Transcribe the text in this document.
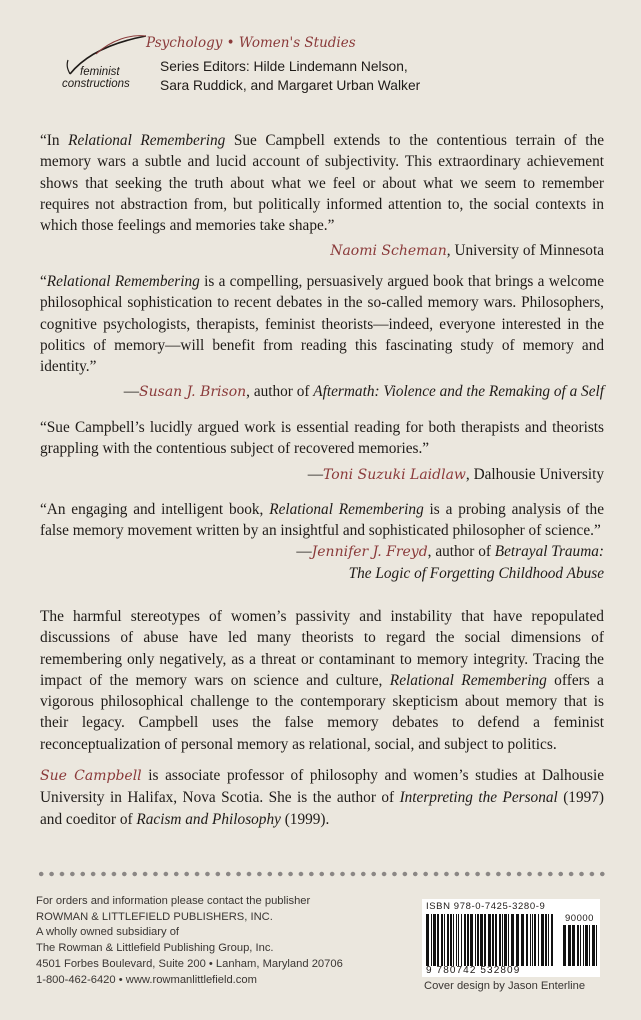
feminist
constructions
Psychology • Women's Studies
Series Editors: Hilde Lindemann Nelson,
Sara Ruddick, and Margaret Urban Walker

“In Relational Remembering Sue Campbell extends to the contentious terrain of the memory wars a subtle and lucid account of subjectivity. This extraordinary achievement shows that seeking the truth about what we feel or about what we seem to remember requires not abstraction from, but politically informed attention to, the social contexts in which those feelings and memories take shape.”

Naomi Scheman, University of Minnesota

“Relational Remembering is a compelling, persuasively argued book that brings a welcome philosophical sophistication to recent debates in the so-called memory wars. Philosophers, cognitive psychologists, therapists, feminist theorists—indeed, everyone interested in the politics of memory—will benefit from reading this fascinating study of memory and identity.”

—Susan J. Brison, author of Aftermath: Violence and the Remaking of a Self

“Sue Campbell’s lucidly argued work is essential reading for both therapists and theorists grappling with the contentious subject of recovered memories.”

—Toni Suzuki Laidlaw, Dalhousie University

“An engaging and intelligent book, Relational Remembering is a probing analysis of the false memory movement written by an insightful and sophisticated philosopher of science.”

—Jennifer J. Freyd, author of Betrayal Trauma:
The Logic of Forgetting Childhood Abuse

The harmful stereotypes of women’s passivity and instability that have repopulated discussions of abuse have led many theorists to regard the social dimensions of remembering only negatively, as a threat or contaminant to memory integrity. Tracing the impact of the memory wars on science and culture, Relational Remembering offers a vigorous philosophical challenge to the contemporary skepticism about memory that is their legacy. Campbell uses the false memory debates to defend a feminist reconceptualization of personal memory as relational, social, and subject to politics.

Sue Campbell is associate professor of philosophy and women’s studies at Dalhousie University in Halifax, Nova Scotia. She is the author of Interpreting the Personal (1997) and coeditor of Racism and Philosophy (1999).

For orders and information please contact the publisher

ROWMAN & LITTLEFIELD PUBLISHERS, INC.

A wholly owned subsidiary of

The Rowman & Littlefield Publishing Group, Inc.

4501 Forbes Boulevard, Suite 200 • Lanham, Maryland 20706

1-800-462-6420 • www.rowmanlittlefield.com

ISBN 978-0-7425-3280-9
90000
9 780742 532809
Cover design by Jason Enterline
